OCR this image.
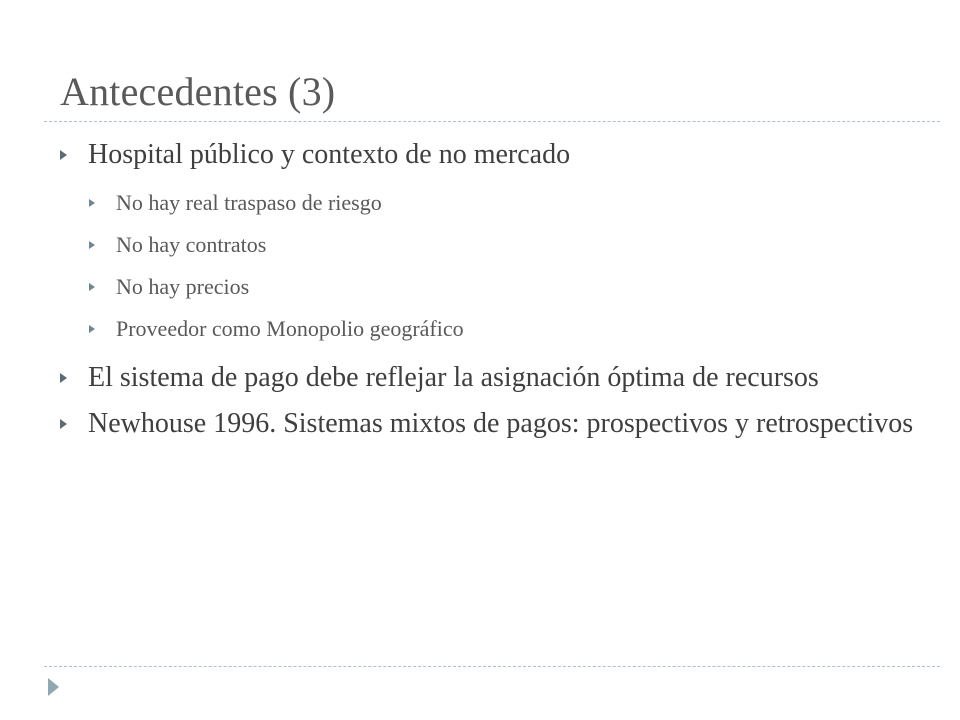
Antecedentes (3)
Hospital público y contexto de no mercado
No hay real traspaso de riesgo
No hay contratos
No hay precios
Proveedor como Monopolio geográfico
El sistema de pago debe reflejar la asignación óptima de recursos
Newhouse 1996. Sistemas mixtos de pagos: prospectivos y retrospectivos
